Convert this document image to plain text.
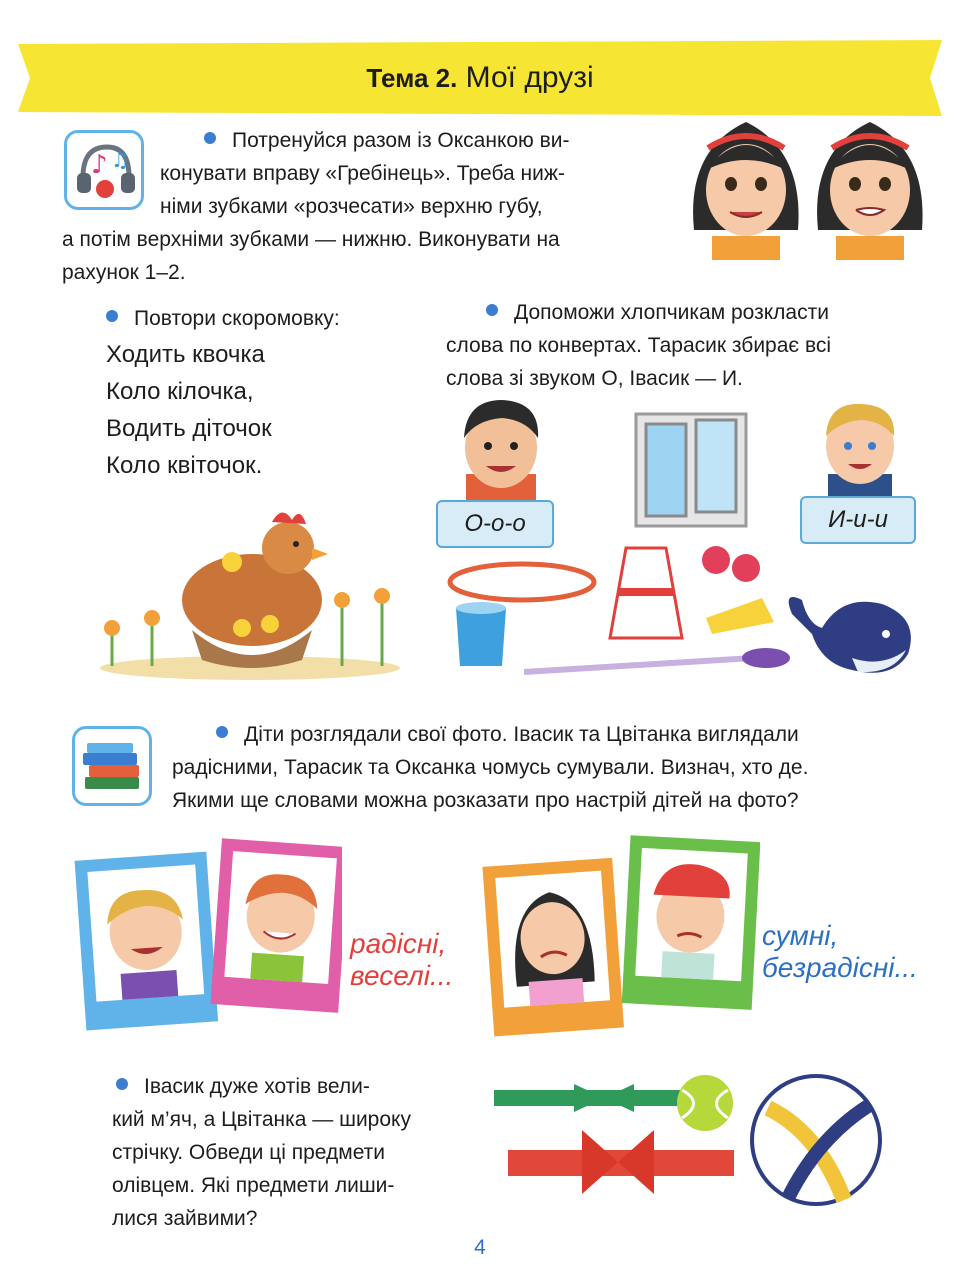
Тема 2. Мої друзі
♪ ♫
Потренуйся разом із Оксанкою ви-
конувати вправу «Гребінець». Треба ниж-
німи зубками «розчесати» верхню губу,
а потім верхніми зубками — нижню. Виконувати на
рахунок 1–2.
Повтори скоромовку:
Ходить квочка
Коло кілочка,
Водить діточок
Коло квіточок.
Допоможи хлопчикам розкласти
слова по конвертах. Тарасик збирає всі
слова зі звуком О, Івасик — И.
О-о-о	И-и-и
Діти розглядали свої фото. Івасик та Цвітанка виглядали
радісними, Тарасик та Оксанка чомусь сумували. Визнач, хто де.
Якими ще словами можна розказати про настрій дітей на фото?
радісні,
веселі...
сумні,
безрадісні...
Івасик дуже хотів вели-
кий м’яч, а Цвітанка — широку
стрічку. Обведи ці предмети
олівцем. Які предмети лиши-
лися зайвими?
4
